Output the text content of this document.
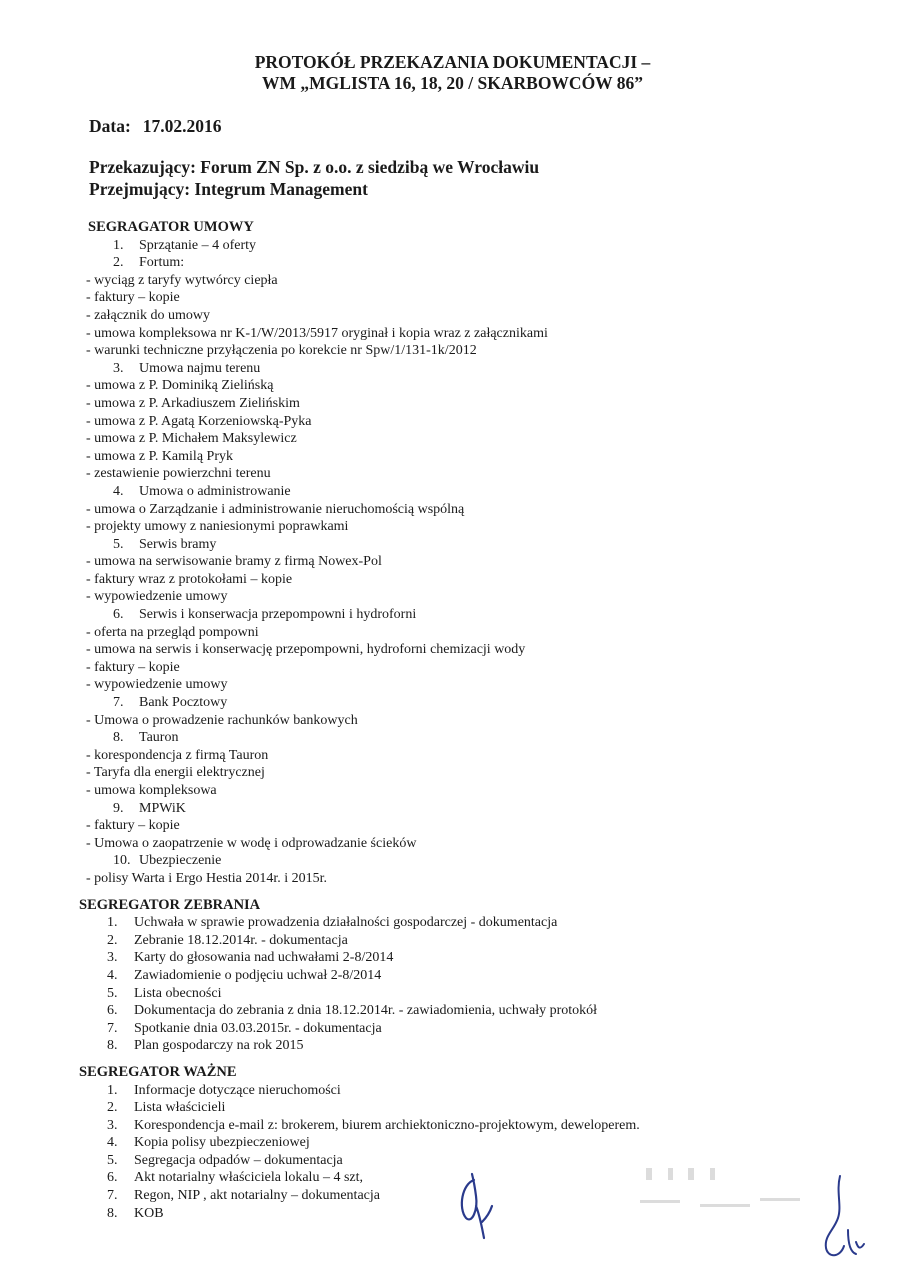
PROTOKÓŁ PRZEKAZANIA DOKUMENTACJI –
WM „MGLISTA 16, 18, 20 / SKARBOWCÓW 86”
Data: 17.02.2016
Przekazujący: Forum ZN Sp. z o.o. z siedzibą we Wrocławiu
Przejmujący: Integrum Management
SEGRAGATOR UMOWY
1. Sprzątanie – 4 oferty
2. Fortum:
- wyciąg z taryfy wytwórcy ciepła
- faktury – kopie
- załącznik do umowy
- umowa kompleksowa nr K-1/W/2013/5917 oryginał i kopia wraz z załącznikami
- warunki techniczne przyłączenia po korekcie nr Spw/1/131-1k/2012
3. Umowa najmu terenu
- umowa z P. Dominiką Zielińską
- umowa z P. Arkadiuszem Zielińskim
- umowa z P. Agatą Korzeniowską-Pyka
- umowa z P. Michałem Maksylewicz
- umowa z P. Kamilą Pryk
- zestawienie powierzchni terenu
4. Umowa o administrowanie
- umowa o Zarządzanie i administrowanie nieruchomością wspólną
- projekty umowy z naniesionymi poprawkami
5. Serwis bramy
- umowa na serwisowanie bramy z firmą Nowex-Pol
- faktury wraz z protokołami – kopie
- wypowiedzenie umowy
6. Serwis i konserwacja przepompowni i hydroforni
- oferta na przegląd pompowni
- umowa na serwis i konserwację przepompowni, hydroforni chemizacji wody
- faktury – kopie
- wypowiedzenie umowy
7. Bank Pocztowy
- Umowa o prowadzenie rachunków bankowych
8. Tauron
- korespondencja z firmą Tauron
- Taryfa dla energii elektrycznej
- umowa kompleksowa
9. MPWiK
- faktury – kopie
- Umowa o zaopatrzenie w wodę i odprowadzanie ścieków
10. Ubezpieczenie
- polisy Warta i Ergo Hestia 2014r. i 2015r.
SEGREGATOR ZEBRANIA
1.	Uchwała w sprawie prowadzenia działalności gospodarczej - dokumentacja
2.	Zebranie 18.12.2014r. - dokumentacja
3.	Karty do głosowania nad uchwałami 2-8/2014
4.	Zawiadomienie o podjęciu uchwał 2-8/2014
5.	Lista obecności
6.	Dokumentacja do zebrania z dnia 18.12.2014r. - zawiadomienia, uchwały protokół
7.	Spotkanie dnia 03.03.2015r. - dokumentacja
8.	Plan gospodarczy na rok 2015
SEGREGATOR WAŻNE
1.	Informacje dotyczące nieruchomości
2.	Lista właścicieli
3.	Korespondencja e-mail z: brokerem, biurem archiektoniczno-projektowym, deweloperem.
4.	Kopia polisy ubezpieczeniowej
5.	Segregacja odpadów – dokumentacja
6.	Akt notarialny właściciela lokalu – 4 szt,
7.	Regon, NIP , akt notarialny – dokumentacja
8.	KOB
